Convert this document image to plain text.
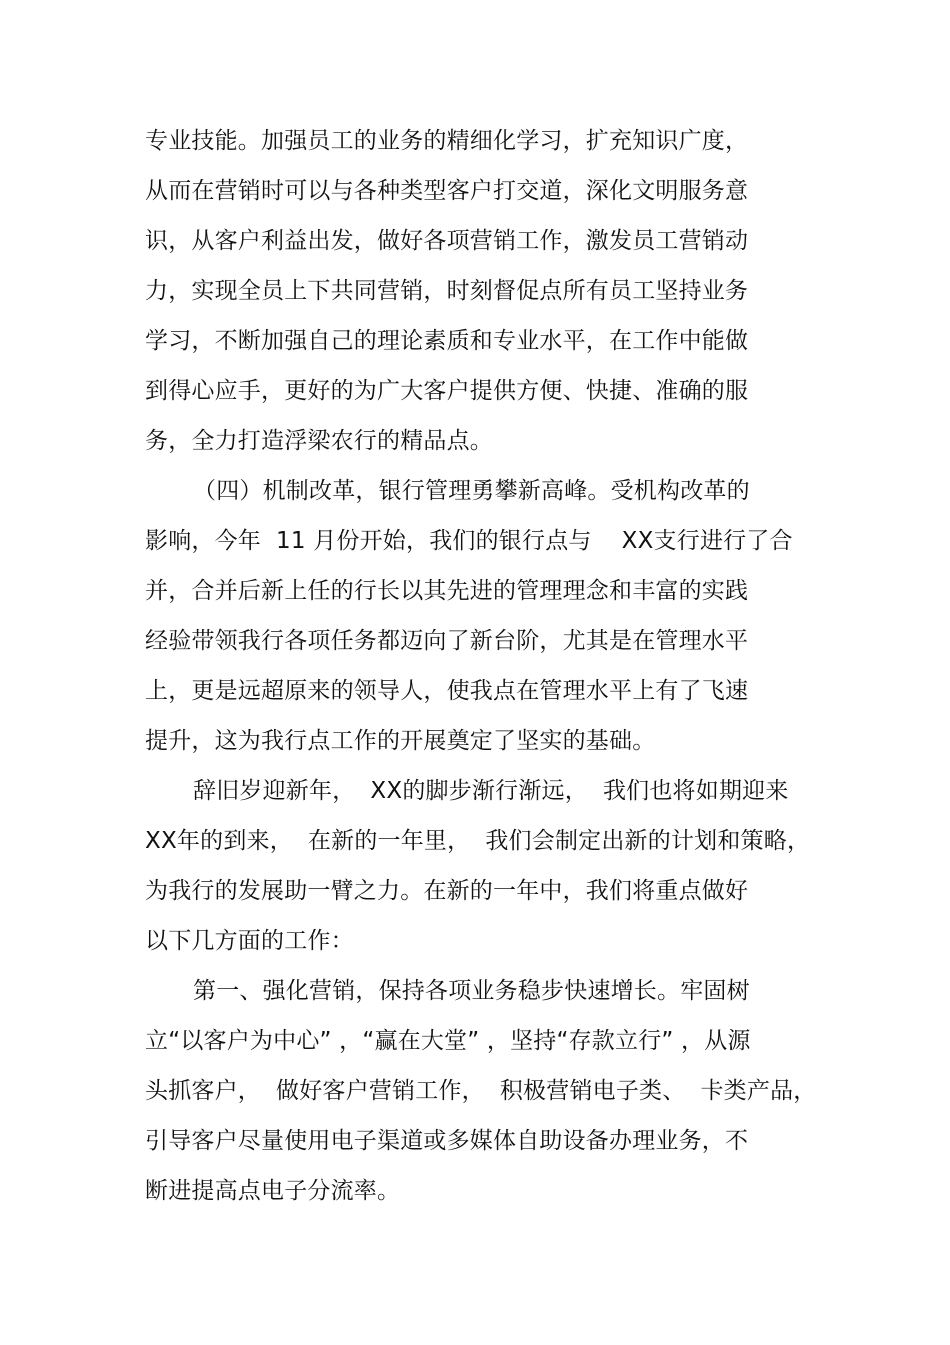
专业技能。加强员工的业务的精细化学习，扩充知识广度，
从而在营销时可以与各种类型客户打交道，深化文明服务意
识，从客户利益出发，做好各项营销工作，激发员工营销动
力，实现全员上下共同营销，时刻督促点所有员工坚持业务
学习，不断加强自己的理论素质和专业水平，在工作中能做
到得心应手，更好的为广大客户提供方便、快捷、准确的服
务，全力打造浮梁农行的精品点。
（四）机制改革，银行管理勇攀新高峰。受机构改革的
影响，今年  11 月份开始，我们的银行点与    XX支行进行了合
并，合并后新上任的行长以其先进的管理理念和丰富的实践
经验带领我行各项任务都迈向了新台阶，尤其是在管理水平
上，更是远超原来的领导人，使我点在管理水平上有了飞速
提升，这为我行点工作的开展奠定了坚实的基础。
辞旧岁迎新年，  XX的脚步渐行渐远，  我们也将如期迎来
XX年的到来，  在新的一年里，  我们会制定出新的计划和策略，
为我行的发展助一臂之力。在新的一年中，我们将重点做好
以下几方面的工作：
第一、强化营销，保持各项业务稳步快速增长。牢固树
立“以客户为中心” ，“赢在大堂” ，坚持“存款立行” ，从源
头抓客户，  做好客户营销工作，  积极营销电子类、  卡类产品，
引导客户尽量使用电子渠道或多媒体自助设备办理业务，不
断进提高点电子分流率。
